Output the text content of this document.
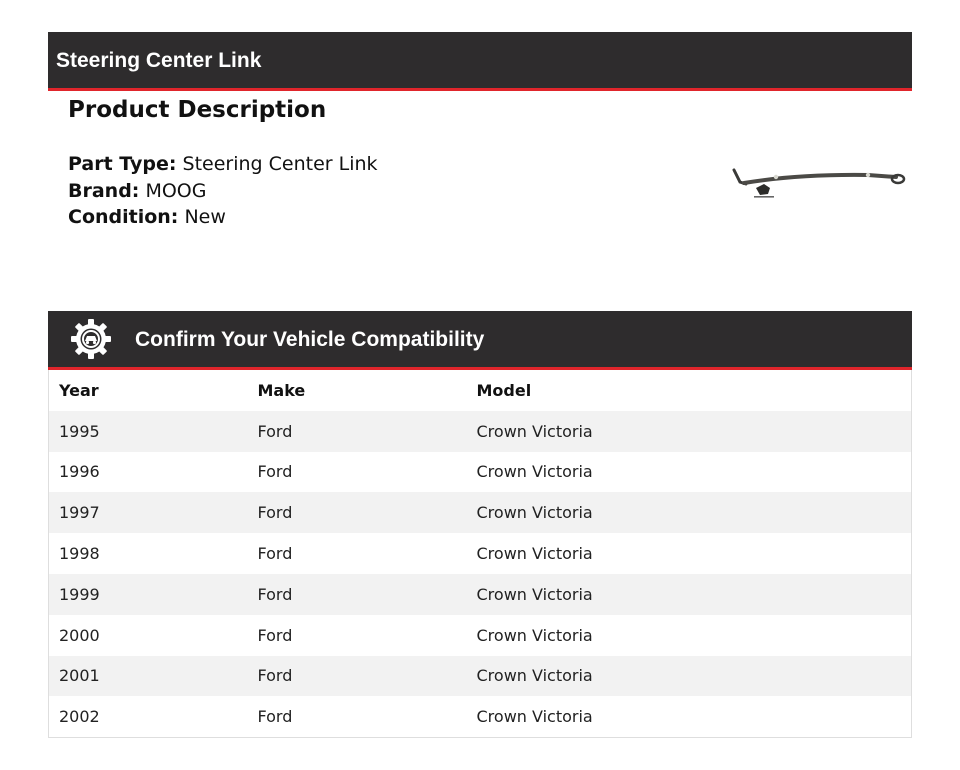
Steering Center Link
Product Description
Part Type: Steering Center Link
Brand: MOOG
Condition: New
Confirm Your Vehicle Compatibility
Year	Make	Model
1995	Ford	Crown Victoria
1996	Ford	Crown Victoria
1997	Ford	Crown Victoria
1998	Ford	Crown Victoria
1999	Ford	Crown Victoria
2000	Ford	Crown Victoria
2001	Ford	Crown Victoria
2002	Ford	Crown Victoria
